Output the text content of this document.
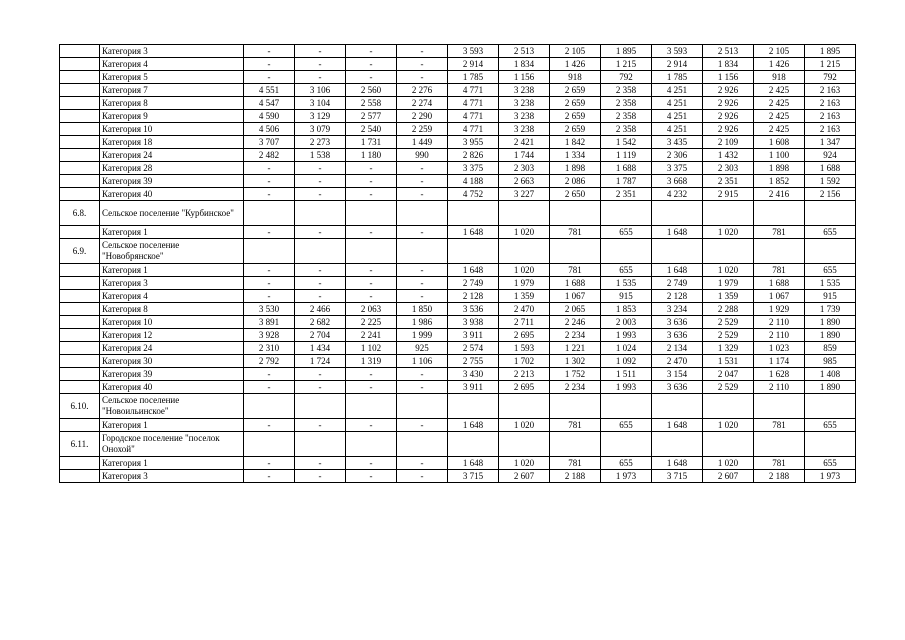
	Категория 3	-	-	-	-	3 593	2 513	2 105	1 895	3 593	2 513	2 105	1 895
	Категория 4	-	-	-	-	2 914	1 834	1 426	1 215	2 914	1 834	1 426	1 215
	Категория 5	-	-	-	-	1 785	1 156	918	792	1 785	1 156	918	792
	Категория 7	4 551	3 106	2 560	2 276	4 771	3 238	2 659	2 358	4 251	2 926	2 425	2 163
	Категория 8	4 547	3 104	2 558	2 274	4 771	3 238	2 659	2 358	4 251	2 926	2 425	2 163
	Категория 9	4 590	3 129	2 577	2 290	4 771	3 238	2 659	2 358	4 251	2 926	2 425	2 163
	Категория 10	4 506	3 079	2 540	2 259	4 771	3 238	2 659	2 358	4 251	2 926	2 425	2 163
	Категория 18	3 707	2 273	1 731	1 449	3 955	2 421	1 842	1 542	3 435	2 109	1 608	1 347
	Категория 24	2 482	1 538	1 180	990	2 826	1 744	1 334	1 119	2 306	1 432	1 100	924
	Категория 28	-	-	-	-	3 375	2 303	1 898	1 688	3 375	2 303	1 898	1 688
	Категория 39	-	-	-	-	4 188	2 663	2 086	1 787	3 668	2 351	1 852	1 592
	Категория 40	-	-	-	-	4 752	3 227	2 650	2 351	4 232	2 915	2 416	2 156
6.8.	Сельское поселение "Курбинское"												
	Категория 1	-	-	-	-	1 648	1 020	781	655	1 648	1 020	781	655
6.9.	Сельское поселение "Новобрянское"												
	Категория 1	-	-	-	-	1 648	1 020	781	655	1 648	1 020	781	655
	Категория 3	-	-	-	-	2 749	1 979	1 688	1 535	2 749	1 979	1 688	1 535
	Категория 4	-	-	-	-	2 128	1 359	1 067	915	2 128	1 359	1 067	915
	Категория 8	3 530	2 466	2 063	1 850	3 536	2 470	2 065	1 853	3 234	2 288	1 929	1 739
	Категория 10	3 891	2 682	2 225	1 986	3 938	2 711	2 246	2 003	3 636	2 529	2 110	1 890
	Категория 12	3 928	2 704	2 241	1 999	3 911	2 695	2 234	1 993	3 636	2 529	2 110	1 890
	Категория 24	2 310	1 434	1 102	925	2 574	1 593	1 221	1 024	2 134	1 329	1 023	859
	Категория 30	2 792	1 724	1 319	1 106	2 755	1 702	1 302	1 092	2 470	1 531	1 174	985
	Категория 39	-	-	-	-	3 430	2 213	1 752	1 511	3 154	2 047	1 628	1 408
	Категория 40	-	-	-	-	3 911	2 695	2 234	1 993	3 636	2 529	2 110	1 890
6.10.	Сельское поселение "Новоильинское"												
	Категория 1	-	-	-	-	1 648	1 020	781	655	1 648	1 020	781	655
6.11.	Городское поселение "поселок Онохой"												
	Категория 1	-	-	-	-	1 648	1 020	781	655	1 648	1 020	781	655
	Категория 3	-	-	-	-	3 715	2 607	2 188	1 973	3 715	2 607	2 188	1 973
